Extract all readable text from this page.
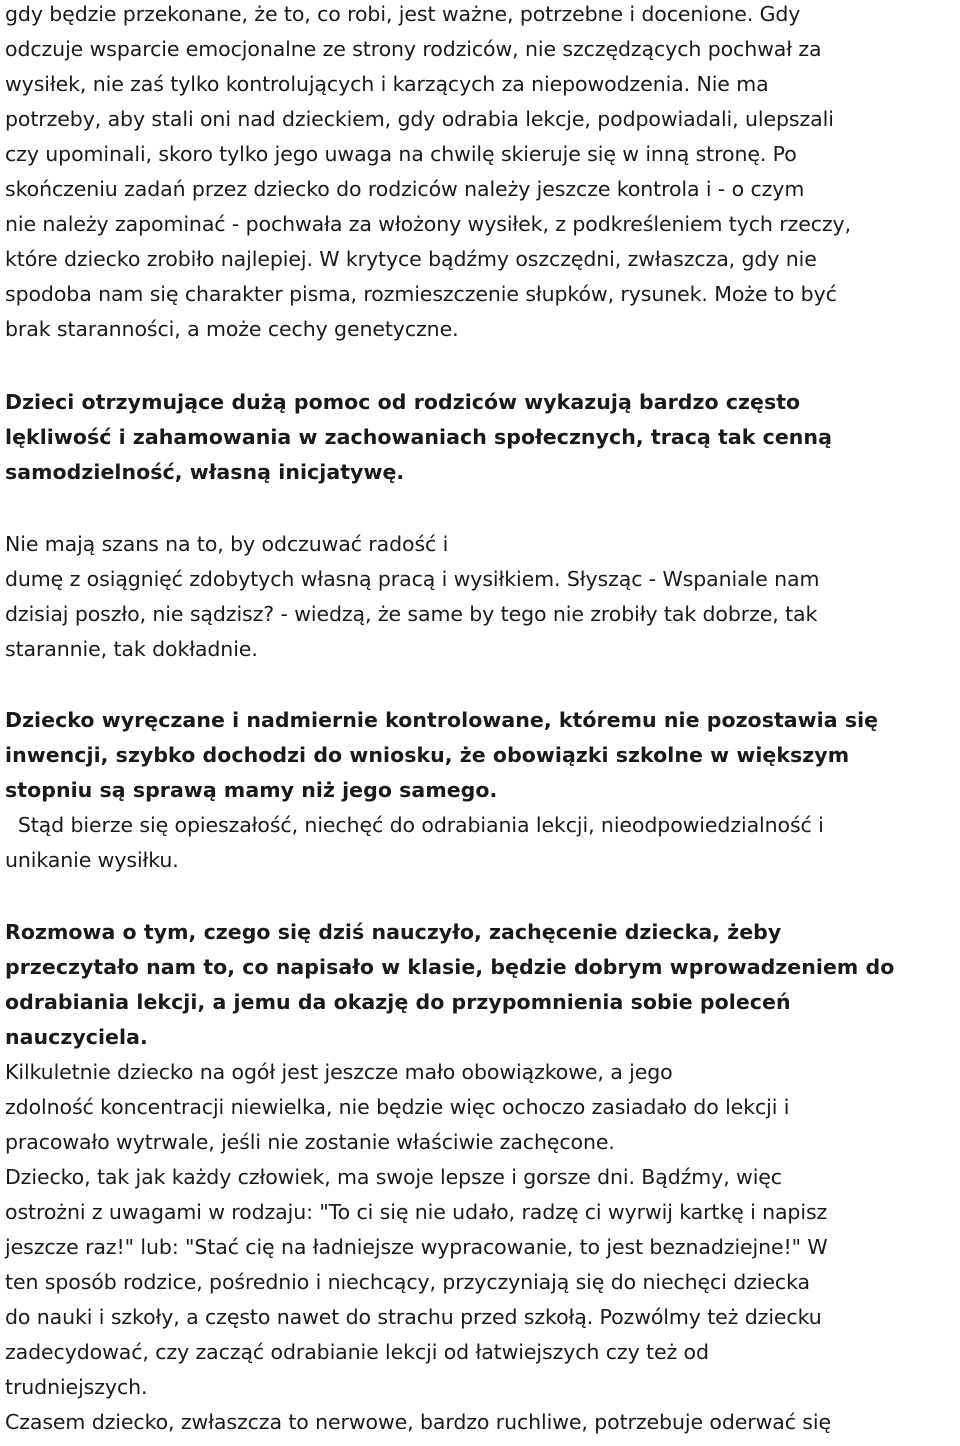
gdy będzie przekonane, że to, co robi, jest ważne, potrzebne i docenione. Gdy
odczuje wsparcie emocjonalne ze strony rodziców, nie szczędzących pochwał za
wysiłek, nie zaś tylko kontrolujących i karzących za niepowodzenia. Nie ma
potrzeby, aby stali oni nad dzieckiem, gdy odrabia lekcje, podpowiadali, ulepszali
czy upominali, skoro tylko jego uwaga na chwilę skieruje się w inną stronę. Po
skończeniu zadań przez dziecko do rodziców należy jeszcze kontrola i - o czym
nie należy zapominać - pochwała za włożony wysiłek, z podkreśleniem tych rzeczy,
które dziecko zrobiło najlepiej. W krytyce bądźmy oszczędni, zwłaszcza, gdy nie
spodoba nam się charakter pisma, rozmieszczenie słupków, rysunek. Może to być
brak staranności, a może cechy genetyczne.
Dzieci otrzymujące dużą pomoc od rodziców wykazują bardzo często
lękliwość i zahamowania w zachowaniach społecznych, tracą tak cenną
samodzielność, własną inicjatywę.
Nie mają szans na to, by odczuwać radość i
dumę z osiągnięć zdobytych własną pracą i wysiłkiem. Słysząc - Wspaniale nam
dzisiaj poszło, nie sądzisz? - wiedzą, że same by tego nie zrobiły tak dobrze, tak
starannie, tak dokładnie.
Dziecko wyręczane i nadmiernie kontrolowane, któremu nie pozostawia się
inwencji, szybko dochodzi do wniosku, że obowiązki szkolne w większym
stopniu są sprawą mamy niż jego samego.
Stąd bierze się opieszałość, niechęć do odrabiania lekcji, nieodpowiedzialność i
unikanie wysiłku.
Rozmowa o tym, czego się dziś nauczyło, zachęcenie dziecka, żeby
przeczytało nam to, co napisało w klasie, będzie dobrym wprowadzeniem do
odrabiania lekcji, a jemu da okazję do przypomnienia sobie poleceń
nauczyciela.
Kilkuletnie dziecko na ogół jest jeszcze mało obowiązkowe, a jego
zdolność koncentracji niewielka, nie będzie więc ochoczo zasiadało do lekcji i
pracowało wytrwale, jeśli nie zostanie właściwie zachęcone.
Dziecko, tak jak każdy człowiek, ma swoje lepsze i gorsze dni. Bądźmy, więc
ostrożni z uwagami w rodzaju: "To ci się nie udało, radzę ci wyrwij kartkę i napisz
jeszcze raz!" lub: "Stać cię na ładniejsze wypracowanie, to jest beznadziejne!" W
ten sposób rodzice, pośrednio i niechcący, przyczyniają się do niechęci dziecka
do nauki i szkoły, a często nawet do strachu przed szkołą. Pozwólmy też dziecku
zadecydować, czy zacząć odrabianie lekcji od łatwiejszych czy też od
trudniejszych.
Czasem dziecko, zwłaszcza to nerwowe, bardzo ruchliwe, potrzebuje oderwać się
